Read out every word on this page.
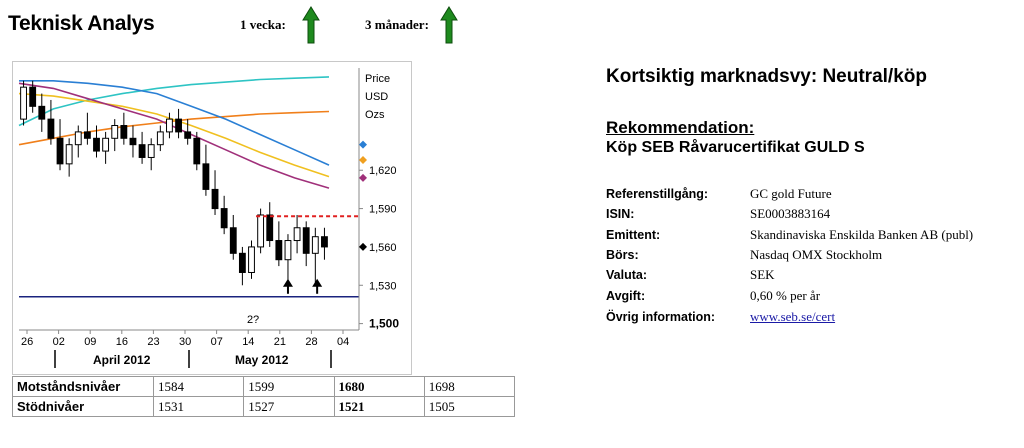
Teknisk Analys	1 vecka:	3 månader:
2?
Price
USD
Ozs
1,620
1,590
1,560
1,530
1,500
26 02 09 16 23 30 07 14 21 28 04
April 2012	May 2012
Motståndsnivåer	1584	1599	1680	1698
Stödnivåer	1531	1527	1521	1505
Kortsiktig marknadsvy: Neutral/köp
Rekommendation:
Köp SEB Råvarucertifikat GULD S
Referenstillgång:	GC gold Future
ISIN:	SE0003883164
Emittent:	Skandinaviska Enskilda Banken AB (publ)
Börs:	Nasdaq OMX Stockholm
Valuta:	SEK
Avgift:	0,60 % per år
Övrig information:	www.seb.se/cert
